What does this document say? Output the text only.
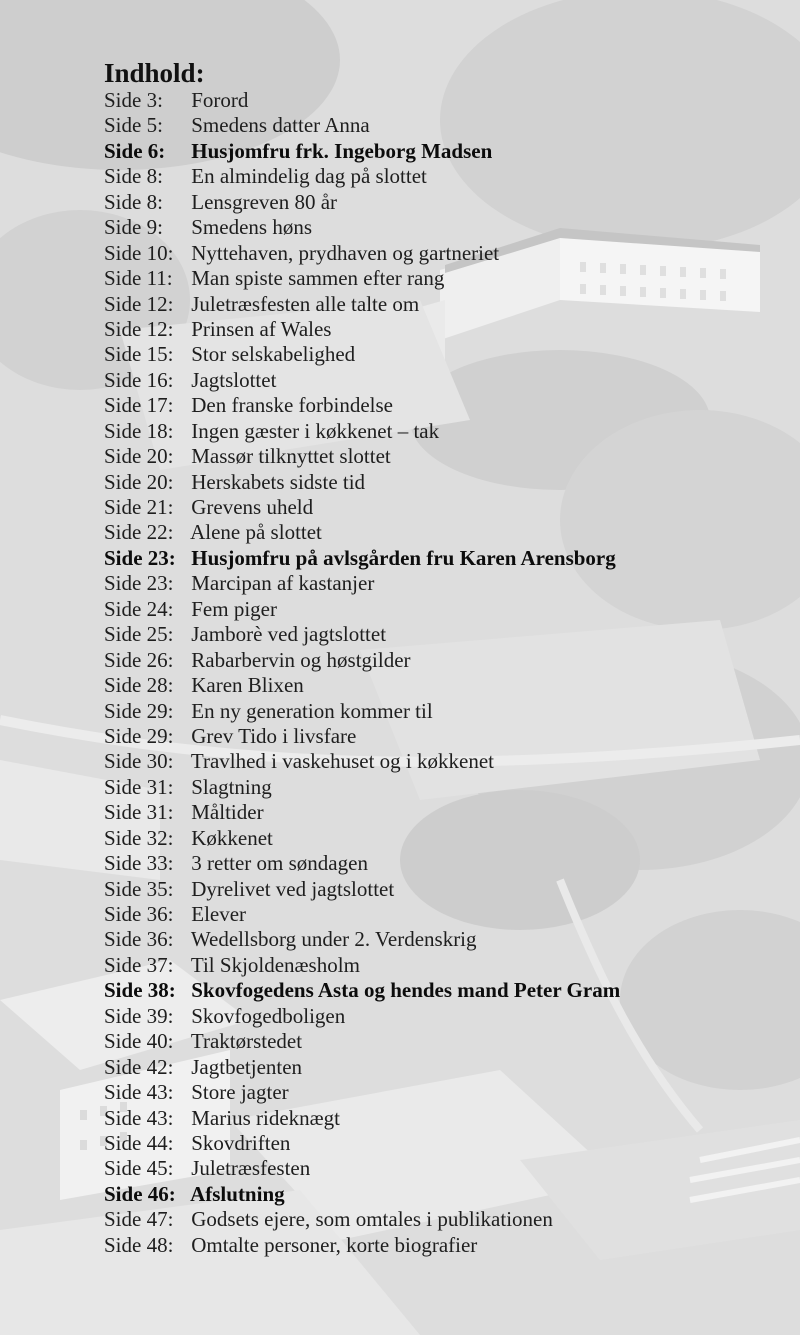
Indhold:
Side 3: Forord
Side 5: Smedens datter Anna
Side 6: Husjomfru frk. Ingeborg Madsen
Side 8: En almindelig dag på slottet
Side 8: Lensgreven 80 år
Side 9: Smedens høns
Side 10: Nyttehaven, prydhaven og gartneriet
Side 11: Man spiste sammen efter rang
Side 12: Juletræsfesten alle talte om
Side 12: Prinsen af Wales
Side 15: Stor selskabelighed
Side 16: Jagtslottet
Side 17: Den franske forbindelse
Side 18: Ingen gæster i køkkenet – tak
Side 20: Massør tilknyttet slottet
Side 20: Herskabets sidste tid
Side 21: Grevens uheld
Side 22: Alene på slottet
Side 23: Husjomfru på avlsgården fru Karen Arensborg
Side 23: Marcipan af kastanjer
Side 24: Fem piger
Side 25: Jamborè ved jagtslottet
Side 26: Rabarbervin og høstgilder
Side 28: Karen Blixen
Side 29: En ny generation kommer til
Side 29: Grev Tido i livsfare
Side 30: Travlhed i vaskehuset og i køkkenet
Side 31: Slagtning
Side 31: Måltider
Side 32: Køkkenet
Side 33: 3 retter om søndagen
Side 35: Dyrelivet ved jagtslottet
Side 36: Elever
Side 36: Wedellsborg under 2. Verdenskrig
Side 37: Til Skjoldenæsholm
Side 38: Skovfogedens Asta og hendes mand Peter Gram
Side 39: Skovfogedboligen
Side 40: Traktørstedet
Side 42: Jagtbetjenten
Side 43: Store jagter
Side 43: Marius rideknægt
Side 44: Skovdriften
Side 45: Juletræsfesten
Side 46: Afslutning
Side 47: Godsets ejere, som omtales i publikationen
Side 48: Omtalte personer, korte biografier
